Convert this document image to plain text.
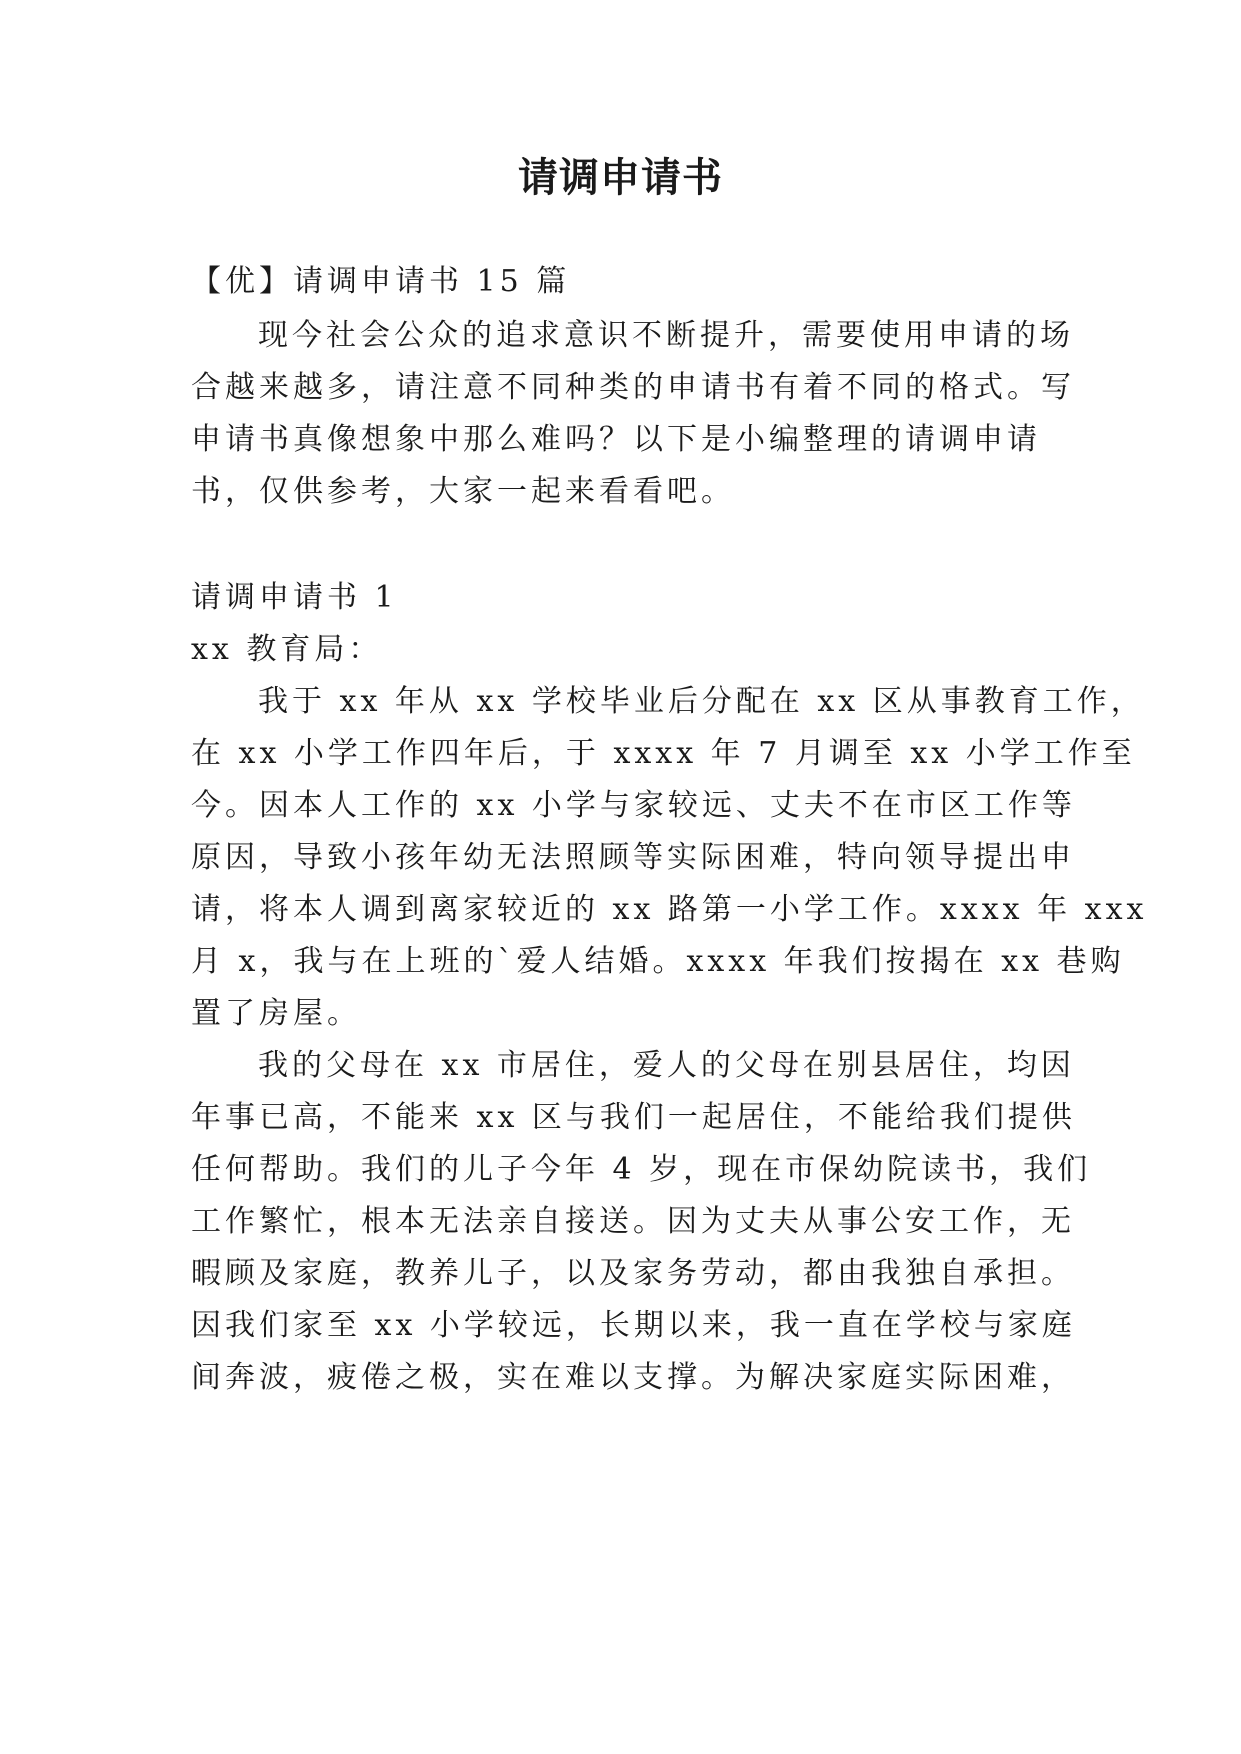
请调申请书

【优】请调申请书 15 篇

现今社会公众的追求意识不断提升，需要使用申请的场

合越来越多，请注意不同种类的申请书有着不同的格式。写

申请书真像想象中那么难吗？以下是小编整理的请调申请

书，仅供参考，大家一起来看看吧。

请调申请书 1

xx 教育局：

我于 xx 年从 xx 学校毕业后分配在 xx 区从事教育工作，

在 xx 小学工作四年后，于 xxxx 年 7 月调至 xx 小学工作至

今。因本人工作的 xx 小学与家较远、丈夫不在市区工作等

原因，导致小孩年幼无法照顾等实际困难，特向领导提出申

请，将本人调到离家较近的 xx 路第一小学工作。xxxx 年 xxx

月 x，我与在上班的`爱人结婚。xxxx 年我们按揭在 xx 巷购

置了房屋。

我的父母在 xx 市居住，爱人的父母在别县居住，均因

年事已高，不能来 xx 区与我们一起居住，不能给我们提供

任何帮助。我们的儿子今年 4 岁，现在市保幼院读书，我们

工作繁忙，根本无法亲自接送。因为丈夫从事公安工作，无

暇顾及家庭，教养儿子，以及家务劳动，都由我独自承担。

因我们家至 xx 小学较远，长期以来，我一直在学校与家庭

间奔波，疲倦之极，实在难以支撑。为解决家庭实际困难，
